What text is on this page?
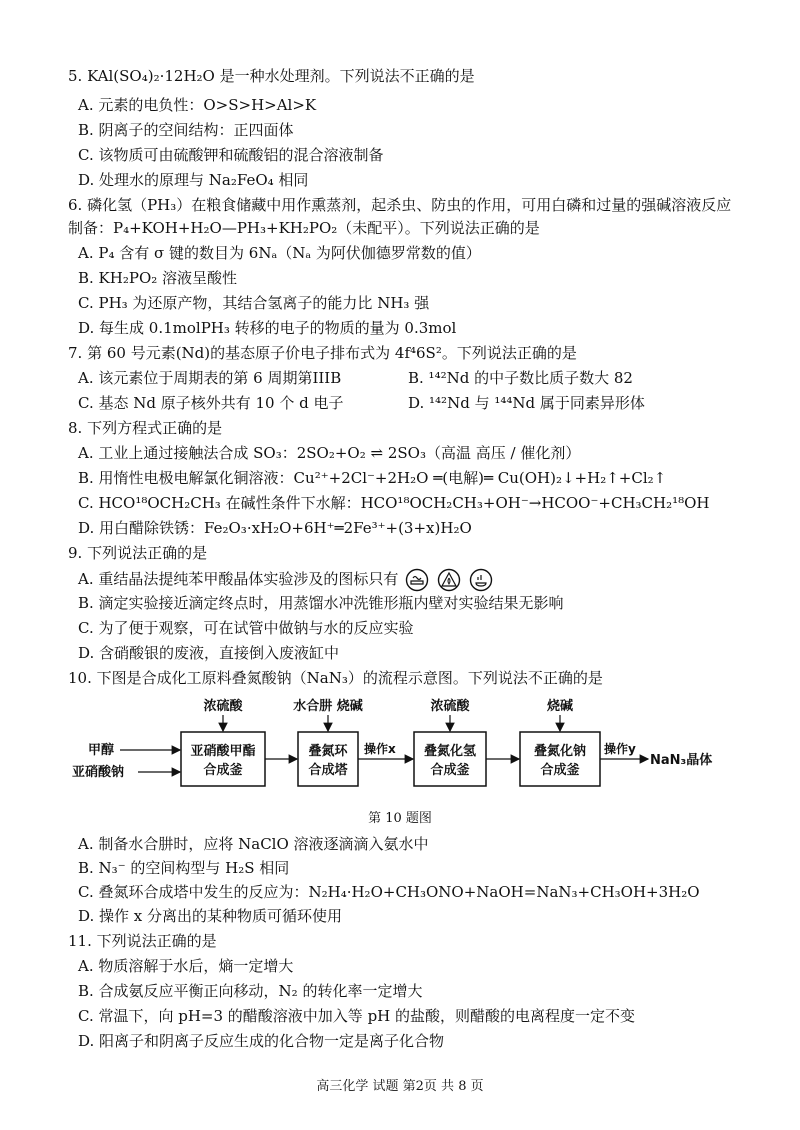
5. KAl(SO₄)₂·12H₂O 是一种水处理剂。下列说法不正确的是
A. 元素的电负性：O>S>H>Al>K
B. 阴离子的空间结构：正四面体
C. 该物质可由硫酸钾和硫酸铝的混合溶液制备
D. 处理水的原理与 Na₂FeO₄ 相同
6. 磷化氢（PH₃）在粮食储藏中用作熏蒸剂，起杀虫、防虫的作用，可用白磷和过量的强碱溶液反应
制备：P₄+KOH+H₂O—PH₃+KH₂PO₂（未配平）。下列说法正确的是
A. P₄ 含有 σ 键的数目为 6Nₐ（Nₐ 为阿伏伽德罗常数的值）
B. KH₂PO₂ 溶液呈酸性
C. PH₃ 为还原产物，其结合氢离子的能力比 NH₃ 强
D. 每生成 0.1molPH₃ 转移的电子的物质的量为 0.3mol
7. 第 60 号元素(Nd)的基态原子价电子排布式为 4f⁴6S²。下列说法正确的是
A. 该元素位于周期表的第 6 周期第IIIB	B. ¹⁴²Nd 的中子数比质子数大 82
C. 基态 Nd 原子核外共有 10 个 d 电子	D. ¹⁴²Nd 与 ¹⁴⁴Nd 属于同素异形体
8. 下列方程式正确的是
A. 工业上通过接触法合成 SO₃：2SO₂+O₂ ⇌ 2SO₃（高温 高压 / 催化剂）
B. 用惰性电极电解氯化铜溶液：Cu²⁺+2Cl⁻+2H₂O ═(电解)═ Cu(OH)₂↓+H₂↑+Cl₂↑
C. HCO¹⁸OCH₂CH₃ 在碱性条件下水解：HCO¹⁸OCH₂CH₃+OH⁻→HCOO⁻+CH₃CH₂¹⁸OH
D. 用白醋除铁锈：Fe₂O₃·xH₂O+6H⁺═2Fe³⁺+(3+x)H₂O
9. 下列说法正确的是
A. 重结晶法提纯苯甲酸晶体实验涉及的图标只有
B. 滴定实验接近滴定终点时，用蒸馏水冲洗锥形瓶内壁对实验结果无影响
C. 为了便于观察，可在试管中做钠与水的反应实验
D. 含硝酸银的废液，直接倒入废液缸中
10. 下图是合成化工原料叠氮酸钠（NaN₃）的流程示意图。下列说法不正确的是
甲醇
亚硝酸钠
亚硝酸甲酯
合成釜
叠氮环
合成塔
叠氮化氢
合成釜
叠氮化钠
合成釜
浓硫酸	水合肼 烧碱	浓硫酸	烧碱
操作x	操作y
NaN₃晶体
第 10 题图
A. 制备水合肼时，应将 NaClO 溶液逐滴滴入氨水中
B. N₃⁻ 的空间构型与 H₂S 相同
C. 叠氮环合成塔中发生的反应为：N₂H₄·H₂O+CH₃ONO+NaOH=NaN₃+CH₃OH+3H₂O
D. 操作 x 分离出的某种物质可循环使用
11. 下列说法正确的是
A. 物质溶解于水后，熵一定增大
B. 合成氨反应平衡正向移动，N₂ 的转化率一定增大
C. 常温下，向 pH=3 的醋酸溶液中加入等 pH 的盐酸，则醋酸的电离程度一定不变
D. 阳离子和阴离子反应生成的化合物一定是离子化合物
高三化学 试题 第2页 共 8 页
